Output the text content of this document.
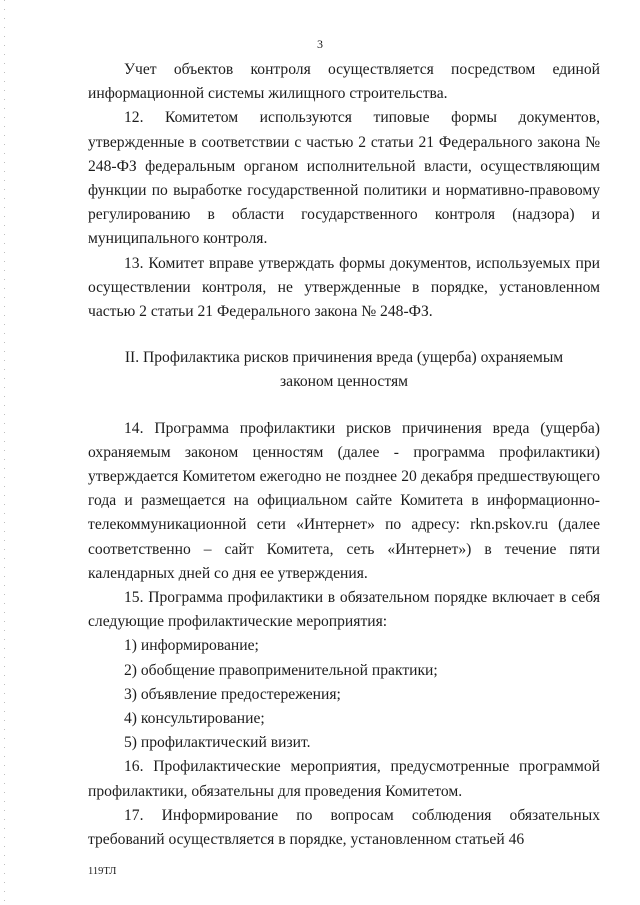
3

Учет объектов контроля осуществляется посредством единой информационной системы жилищного строительства.

12. Комитетом используются типовые формы документов, утвержденные в соответствии с частью 2 статьи 21 Федерального закона № 248-ФЗ федеральным органом исполнительной власти, осуществляющим функции по выработке государственной политики и нормативно-правовому регулированию в области государственного контроля (надзора) и муниципального контроля.

13. Комитет вправе утверждать формы документов, используемых при осуществлении контроля, не утвержденные в порядке, установленном частью 2 статьи 21 Федерального закона № 248-ФЗ.

II. Профилактика рисков причинения вреда (ущерба) охраняемым законом ценностям

14. Программа профилактики рисков причинения вреда (ущерба) охраняемым законом ценностям (далее - программа профилактики) утверждается Комитетом ежегодно не позднее 20 декабря предшествующего года и размещается на официальном сайте Комитета в информационно-телекоммуникационной сети «Интернет» по адресу: rkn.pskov.ru (далее соответственно – сайт Комитета, сеть «Интернет») в течение пяти календарных дней со дня ее утверждения.

15. Программа профилактики в обязательном порядке включает в себя следующие профилактические мероприятия:

1) информирование;

2) обобщение правоприменительной практики;

3) объявление предостережения;

4) консультирование;

5) профилактический визит.

16. Профилактические мероприятия, предусмотренные программой профилактики, обязательны для проведения Комитетом.

17. Информирование по вопросам соблюдения обязательных требований осуществляется в порядке, установленном статьей 46

119ТЛ
